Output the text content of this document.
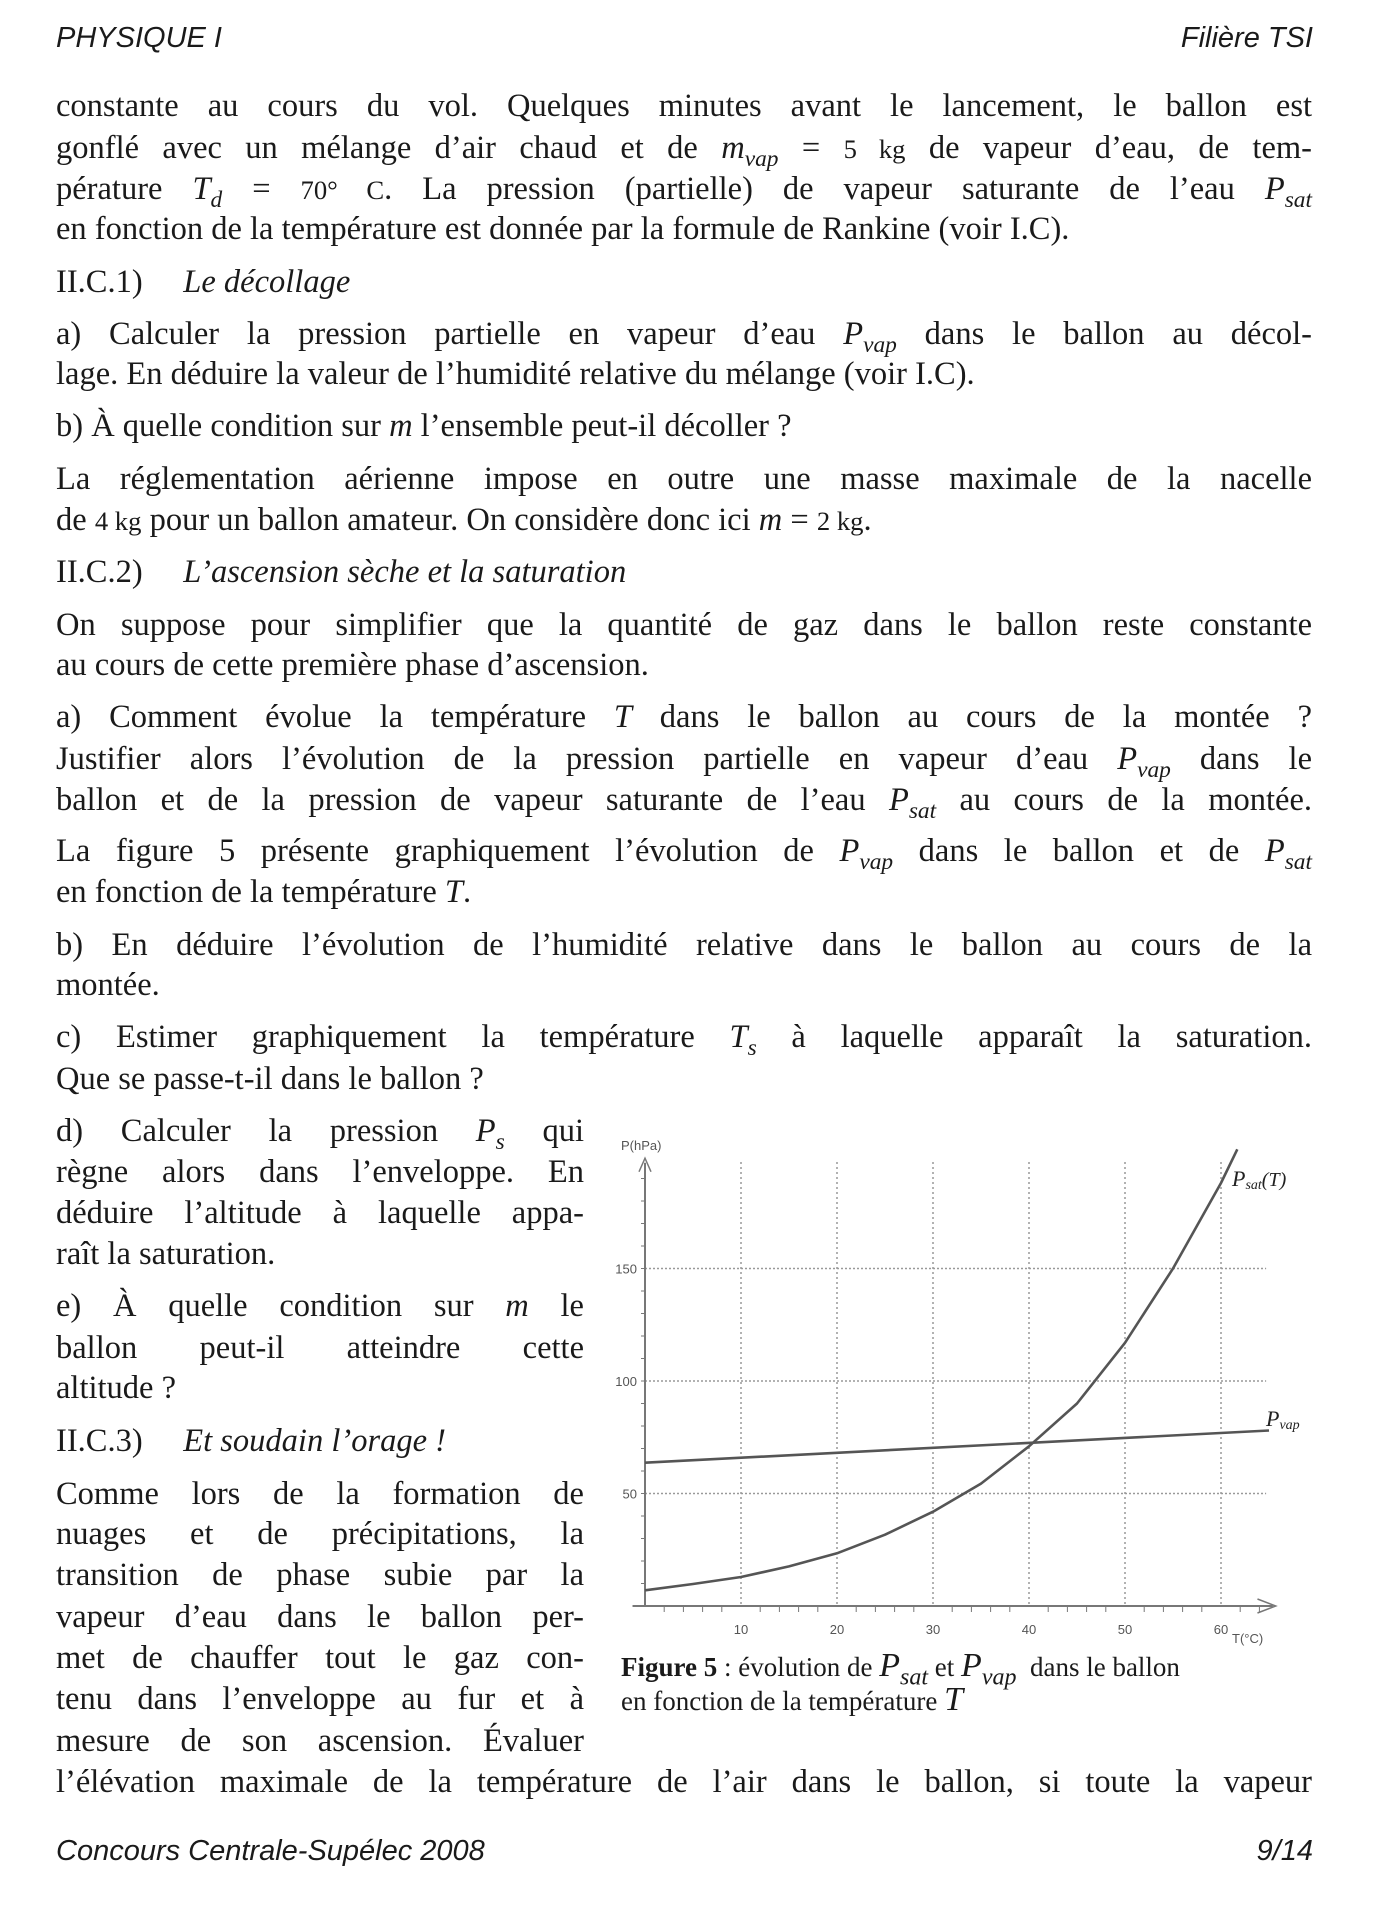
PHYSIQUE I	Filière TSI
constante au cours du vol. Quelques minutes avant le lancement, le ballon est
gonflé avec un mélange d’air chaud et de $m_{vap} = 5$ kg de vapeur d’eau, de tem-
pérature $T_d = 70^\circ$ C. La pression (partielle) de vapeur saturante de l’eau $P_{sat}$
en fonction de la température est donnée par la formule de Rankine (voir I.C).
II.C.1)  Le décollage
a) Calculer la pression partielle en vapeur d’eau $P_{vap}$ dans le ballon au décol-
lage. En déduire la valeur de l’humidité relative du mélange (voir I.C).
b) À quelle condition sur m l’ensemble peut-il décoller ?
La réglementation aérienne impose en outre une masse maximale de la nacelle
de 4 kg pour un ballon amateur. On considère donc ici m = 2 kg.
II.C.2)  L’ascension sèche et la saturation
On suppose pour simplifier que la quantité de gaz dans le ballon reste constante
au cours de cette première phase d’ascension.
a) Comment évolue la température T dans le ballon au cours de la montée ?
Justifier alors l’évolution de la pression partielle en vapeur d’eau $P_{vap}$ dans le
ballon et de la pression de vapeur saturante de l’eau $P_{sat}$ au cours de la montée.
La figure 5 présente graphiquement l’évolution de $P_{vap}$ dans le ballon et de $P_{sat}$
en fonction de la température T.
b) En déduire l’évolution de l’humidité relative dans le ballon au cours de la
montée.
c) Estimer graphiquement la température $T_s$ à laquelle apparaît la saturation.
Que se passe-t-il dans le ballon ?
d) Calculer la pression $P_s$ qui
règne alors dans l’enveloppe. En
déduire l’altitude à laquelle appa-
raît la saturation.
e) À quelle condition sur m le
ballon peut-il atteindre cette
altitude ?
II.C.3)  Et soudain l’orage !
Comme lors de la formation de
nuages et de précipitations, la
transition de phase subie par la
vapeur d’eau dans le ballon per-
met de chauffer tout le gaz con-
tenu dans l’enveloppe au fur et à
mesure de son ascension. Évaluer
l’élévation maximale de la température de l’air dans le ballon, si toute la vapeur
10	20	30	40	50	60
50
100
150
P(hPa)
T(°C)
Psat(T)
Pvap
Figure 5 : évolution de Psat et Pvap  dans le ballon
en fonction de la température T
Concours Centrale-Supélec 2008	9/14
